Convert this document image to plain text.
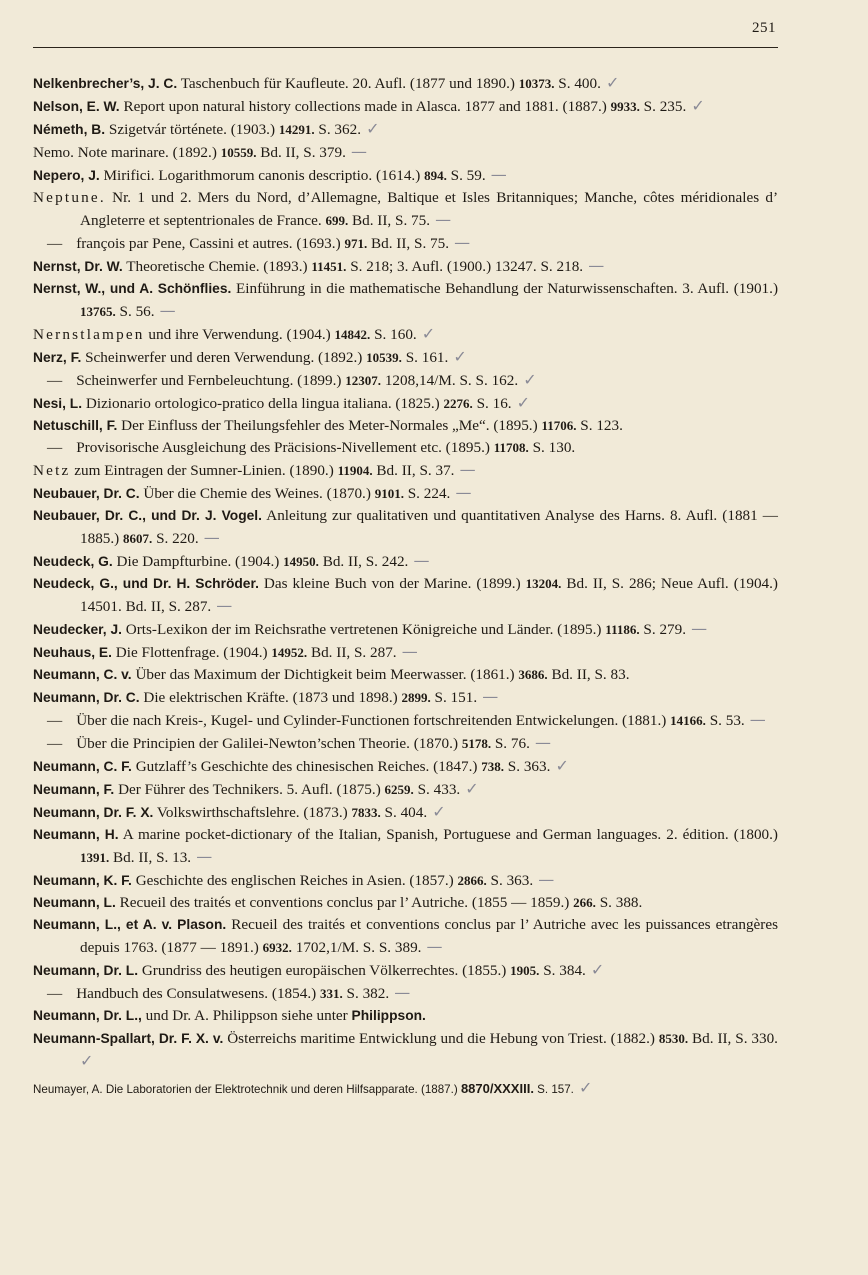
251

Nelkenbrecher’s, J. C. Taschenbuch für Kaufleute. 20. Aufl. (1877 und 1890.) 10373. S. 400. ✓

Nelson, E. W. Report upon natural history collections made in Alasca. 1877 and 1881. (1887.) 9933. S. 235. ✓

Németh, B. Szigetvár története. (1903.) 14291. S. 362. ✓

Nemo. Note marinare. (1892.) 10559. Bd. II, S. 379. —

Nepero, J. Mirifici. Logarithmorum canonis descriptio. (1614.) 894. S. 59. —

Neptune. Nr. 1 und 2. Mers du Nord, d’Allemagne, Baltique et Isles Britanniques; Manche, côtes méridionales d’ Angleterre et septentrionales de France. 699. Bd. II, S. 75. —

— françois par Pene, Cassini et autres. (1693.) 971. Bd. II, S. 75. —

Nernst, Dr. W. Theoretische Chemie. (1893.) 11451. S. 218; 3. Aufl. (1900.) 13247. S. 218. —

Nernst, W., und A. Schönflies. Einführung in die mathematische Behandlung der Naturwissenschaften. 3. Aufl. (1901.) 13765. S. 56. —

Nernstlampen und ihre Verwendung. (1904.) 14842. S. 160. ✓

Nerz, F. Scheinwerfer und deren Verwendung. (1892.) 10539. S. 161. ✓

— Scheinwerfer und Fernbeleuchtung. (1899.) 12307. 1208,14/M. S. S. 162. ✓

Nesi, L. Dizionario ortologico-pratico della lingua italiana. (1825.) 2276. S. 16. ✓

Netuschill, F. Der Einfluss der Theilungsfehler des Meter-Normales „Me“. (1895.) 11706. S. 123.

— Provisorische Ausgleichung des Präcisions-Nivellement etc. (1895.) 11708. S. 130.

Netz zum Eintragen der Sumner-Linien. (1890.) 11904. Bd. II, S. 37. —

Neubauer, Dr. C. Über die Chemie des Weines. (1870.) 9101. S. 224. —

Neubauer, Dr. C., und Dr. J. Vogel. Anleitung zur qualitativen und quantitativen Analyse des Harns. 8. Aufl. (1881 — 1885.) 8607. S. 220. —

Neudeck, G. Die Dampfturbine. (1904.) 14950. Bd. II, S. 242. —

Neudeck, G., und Dr. H. Schröder. Das kleine Buch von der Marine. (1899.) 13204. Bd. II, S. 286; Neue Aufl. (1904.) 14501. Bd. II, S. 287. —

Neudecker, J. Orts-Lexikon der im Reichsrathe vertretenen Königreiche und Länder. (1895.) 11186. S. 279. —

Neuhaus, E. Die Flottenfrage. (1904.) 14952. Bd. II, S. 287. —

Neumann, C. v. Über das Maximum der Dichtigkeit beim Meerwasser. (1861.) 3686. Bd. II, S. 83.

Neumann, Dr. C. Die elektrischen Kräfte. (1873 und 1898.) 2899. S. 151. —

— Über die nach Kreis-, Kugel- und Cylinder-Functionen fortschreitenden Entwickelungen. (1881.) 14166. S. 53. —

— Über die Principien der Galilei-Newton’schen Theorie. (1870.) 5178. S. 76. —

Neumann, C. F. Gutzlaff’s Geschichte des chinesischen Reiches. (1847.) 738. S. 363. ✓

Neumann, F. Der Führer des Technikers. 5. Aufl. (1875.) 6259. S. 433. ✓

Neumann, Dr. F. X. Volkswirthschaftslehre. (1873.) 7833. S. 404. ✓

Neumann, H. A marine pocket-dictionary of the Italian, Spanish, Portuguese and German languages. 2. édition. (1800.) 1391. Bd. II, S. 13. —

Neumann, K. F. Geschichte des englischen Reiches in Asien. (1857.) 2866. S. 363. —

Neumann, L. Recueil des traités et conventions conclus par l’ Autriche. (1855 — 1859.) 266. S. 388.

Neumann, L., et A. v. Plason. Recueil des traités et conventions conclus par l’ Autriche avec les puissances etrangères depuis 1763. (1877 — 1891.) 6932. 1702,1/M. S. S. 389. —

Neumann, Dr. L. Grundriss des heutigen europäischen Völkerrechtes. (1855.) 1905. S. 384. ✓

— Handbuch des Consulatwesens. (1854.) 331. S. 382. —

Neumann, Dr. L., und Dr. A. Philippson siehe unter Philippson.

Neumann-Spallart, Dr. F. X. v. Österreichs maritime Entwicklung und die Hebung von Triest. (1882.) 8530. Bd. II, S. 330. ✓

Neumayer, A. Die Laboratorien der Elektrotechnik und deren Hilfsapparate. (1887.) 8870/XXXIII. S. 157. ✓
